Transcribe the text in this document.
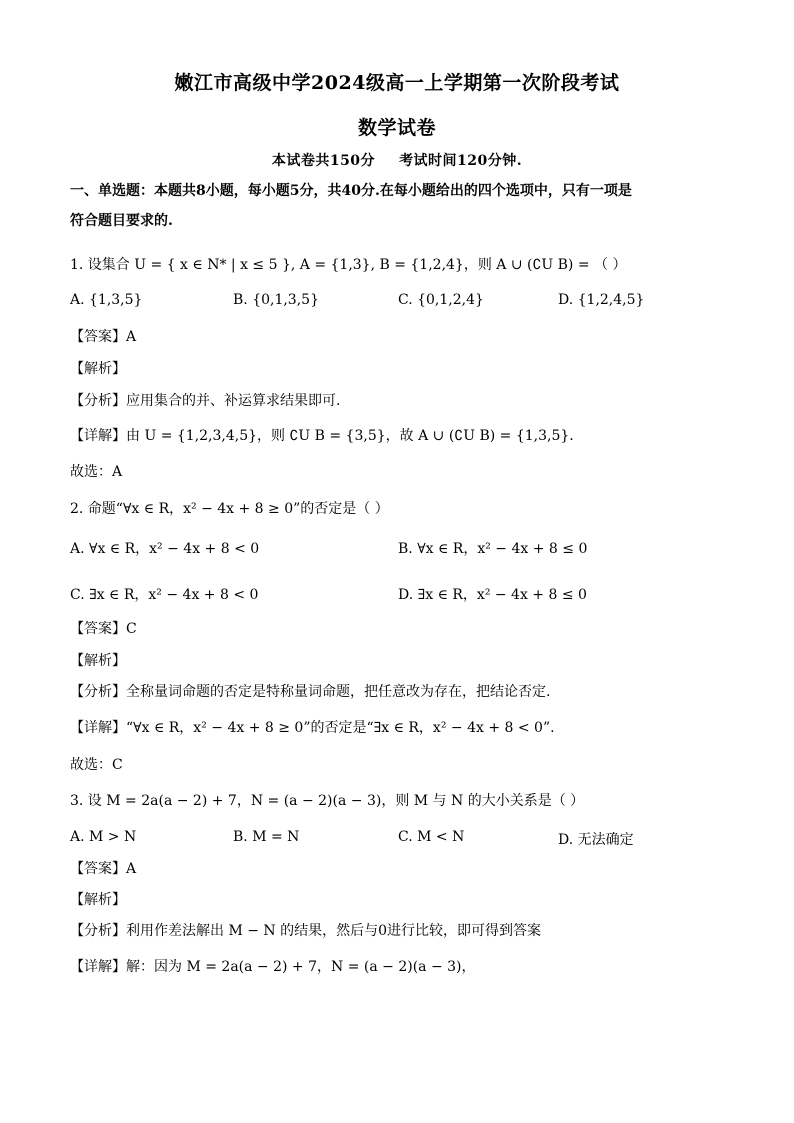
嫩江市高级中学2024级高一上学期第一次阶段考试
数学试卷
本试卷共150分 考试时间120分钟.
一、单选题：本题共8小题，每小题5分，共40分.在每小题给出的四个选项中，只有一项是
符合题目要求的.
1. 设集合 U = { x ∈ N* | x ≤ 5 }, A = {1,3}, B = {1,2,4}，则 A ∪ (∁U B) = （ ）
A. {1,3,5}	B. {0,1,3,5}	C. {0,1,2,4}	D. {1,2,4,5}
【答案】A
【解析】
【分析】应用集合的并、补运算求结果即可.
【详解】由 U = {1,2,3,4,5}，则 ∁U B = {3,5}，故 A ∪ (∁U B) = {1,3,5}.
故选：A
2. 命题“∀x ∈ R，x² − 4x + 8 ≥ 0”的否定是（ ）
A. ∀x ∈ R，x² − 4x + 8 < 0	B. ∀x ∈ R，x² − 4x + 8 ≤ 0
C. ∃x ∈ R，x² − 4x + 8 < 0	D. ∃x ∈ R，x² − 4x + 8 ≤ 0
【答案】C
【解析】
【分析】全称量词命题的否定是特称量词命题，把任意改为存在，把结论否定.
【详解】“∀x ∈ R，x² − 4x + 8 ≥ 0”的否定是“∃x ∈ R，x² − 4x + 8 < 0”.
故选：C
3. 设 M = 2a(a − 2) + 7，N = (a − 2)(a − 3)，则 M 与 N 的大小关系是（ ）
A. M > N	B. M = N	C. M < N	D. 无法确定
【答案】A
【解析】
【分析】利用作差法解出 M − N 的结果，然后与0进行比较，即可得到答案
【详解】解：因为 M = 2a(a − 2) + 7，N = (a − 2)(a − 3)，
